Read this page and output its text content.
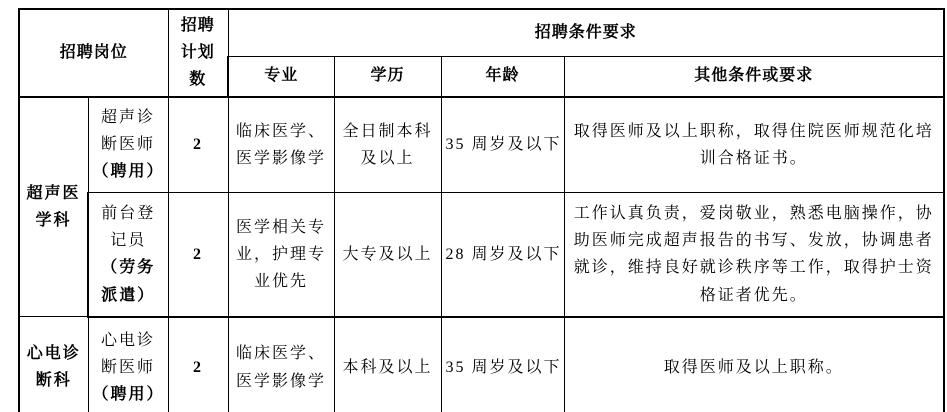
招聘岗位		招聘计划数	招聘条件要求			
			专业	学历	年龄	其他条件或要求
超声医学科	超声诊断医师（聘用）	2	临床医学、医学影像学	全日制本科及以上	35 周岁及以下	取得医师及以上职称，取得住院医师规范化培训合格证书。
	前台登记员（劳务派遣）	2	医学相关专业，护理专业优先	大专及以上	28 周岁及以下	工作认真负责，爱岗敬业，熟悉电脑操作，协助医师完成超声报告的书写、发放，协调患者就诊，维持良好就诊秩序等工作，取得护士资格证者优先。
心电诊断科	心电诊断医师（聘用）	2	临床医学、医学影像学	本科及以上	35 周岁及以下	取得医师及以上职称。
